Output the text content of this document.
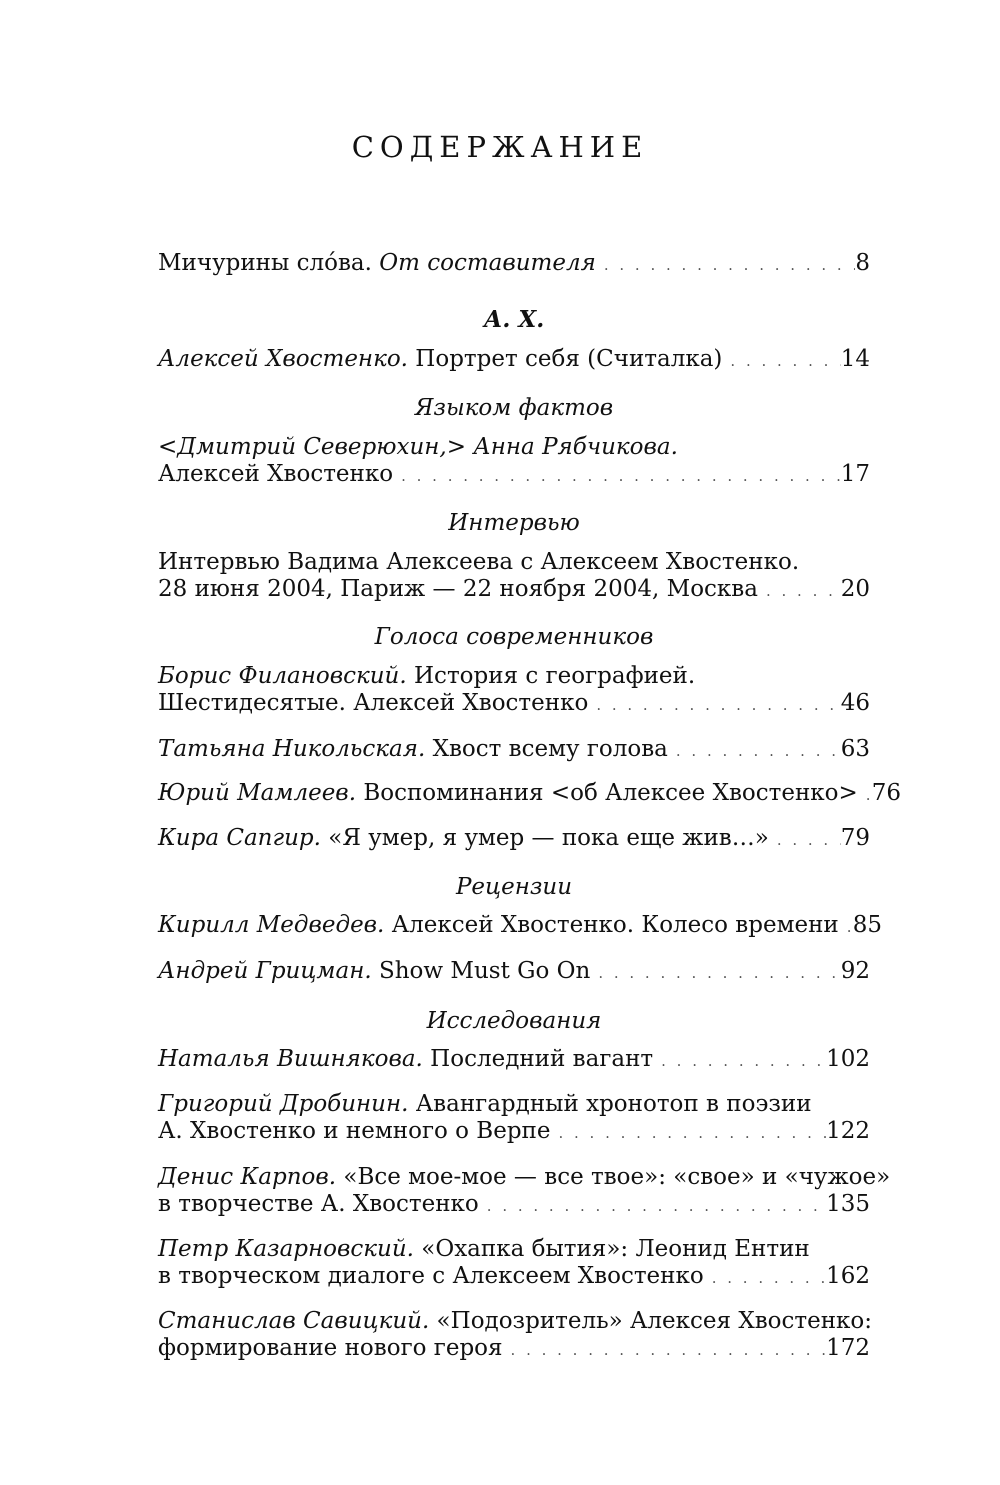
СОДЕРЖАНИЕ
Мичурины сло́ва. От составителя . . .	8
А. Х.
Алексей Хвостенко. Портрет себя (Считалка) . . .	14
Языком фактов
<Дмитрий Северюхин,> Анна Рябчикова.
Алексей Хвостенко . . .	17
Интервью
Интервью Вадима Алексеева с Алексеем Хвостенко.
28 июня 2004, Париж — 22 ноября 2004, Москва . . .	20
Голоса современников
Борис Филановский. История с географией.
Шестидесятые. Алексей Хвостенко . . .	46
Татьяна Никольская. Хвост всему голова . . .	63
Юрий Мамлеев. Воспоминания <об Алексее Хвостенко> . . . 76
Кира Сапгир. «Я умер, я умер — пока еще жив…» . . .	79
Рецензии
Кирилл Медведев. Алексей Хвостенко. Колесо времени . . . 85
Андрей Грицман. Show Must Go On . . .	92
Исследования
Наталья Вишнякова. Последний вагант . . .	102
Григорий Дробинин. Авангардный хронотоп в поэзии
А. Хвостенко и немного о Верпе . . .	122
Денис Карпов. «Все мое-мое — все твое»: «свое» и «чужое»
в творчестве А. Хвостенко . . .	135
Петр Казарновский. «Охапка бытия»: Леонид Ентин
в творческом диалоге с Алексеем Хвостенко . . .	162
Станислав Савицкий. «Подозритель» Алексея Хвостенко:
формирование нового героя . . .	172
